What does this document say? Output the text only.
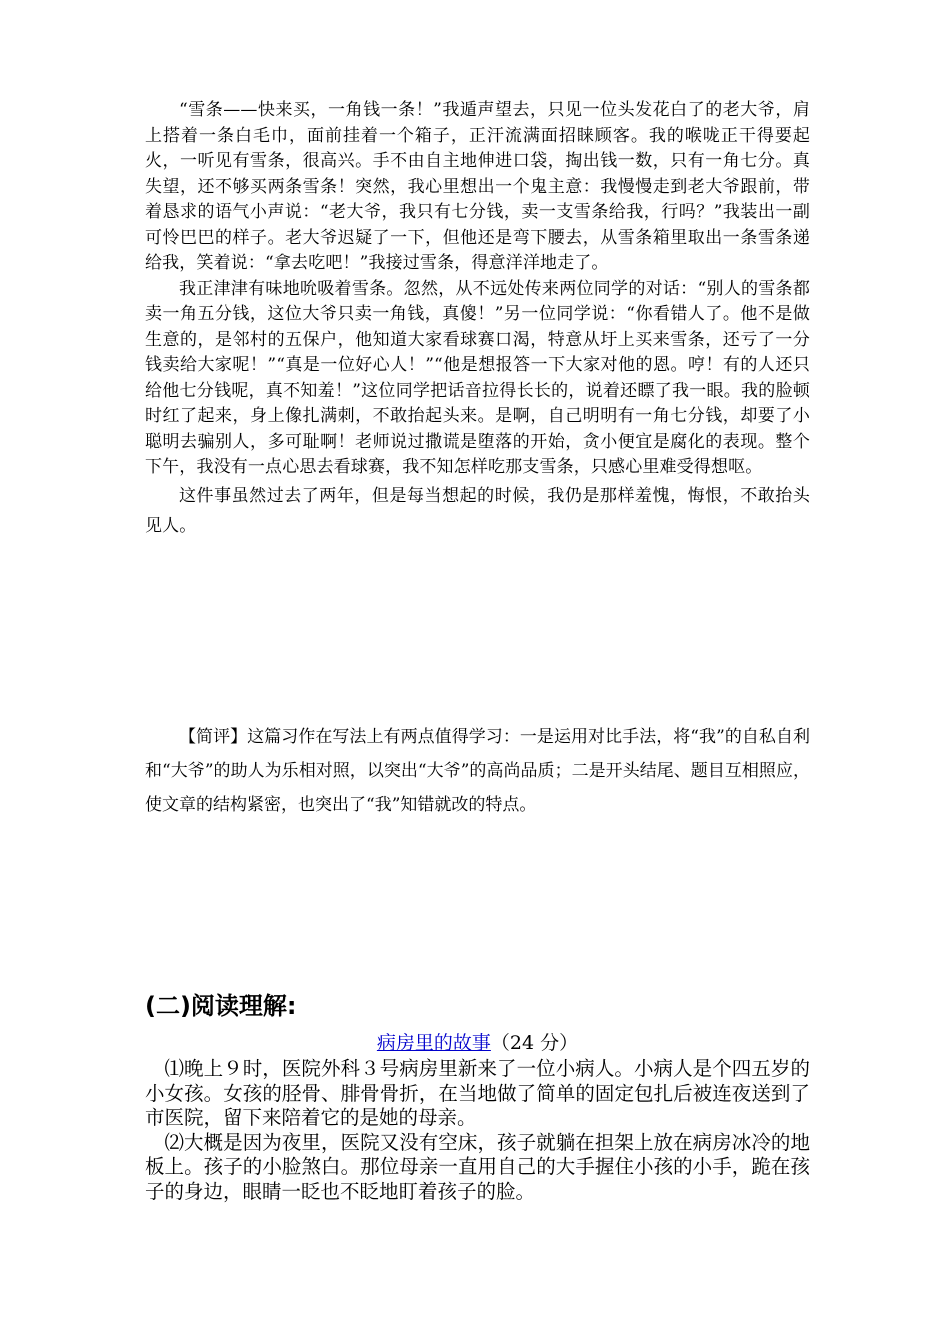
“雪条——快来买，一角钱一条！”我遁声望去，只见一位头发花白了的老大爷，肩上搭着一条白毛巾，面前挂着一个箱子，正汗流满面招睐顾客。我的喉咙正干得要起火，一听见有雪条，很高兴。手不由自主地伸进口袋，掏出钱一数，只有一角七分。真失望，还不够买两条雪条！突然，我心里想出一个鬼主意：我慢慢走到老大爷跟前，带着恳求的语气小声说：“老大爷，我只有七分钱，卖一支雪条给我，行吗？”我装出一副可怜巴巴的样子。老大爷迟疑了一下，但他还是弯下腰去，从雪条箱里取出一条雪条递给我，笑着说：“拿去吃吧！”我接过雪条，得意洋洋地走了。

我正津津有味地吮吸着雪条。忽然，从不远处传来两位同学的对话：“别人的雪条都卖一角五分钱，这位大爷只卖一角钱，真傻！”另一位同学说：“你看错人了。他不是做生意的，是邻村的五保户，他知道大家看球赛口渴，特意从圩上买来雪条，还亏了一分钱卖给大家呢！”“真是一位好心人！”“他是想报答一下大家对他的恩。哼！有的人还只给他七分钱呢，真不知羞！”这位同学把话音拉得长长的，说着还瞟了我一眼。我的脸顿时红了起来，身上像扎满刺，不敢抬起头来。是啊，自己明明有一角七分钱，却要了小聪明去骗别人，多可耻啊！老师说过撒谎是堕落的开始，贪小便宜是腐化的表现。整个下午，我没有一点心思去看球赛，我不知怎样吃那支雪条，只感心里难受得想呕。

这件事虽然过去了两年，但是每当想起的时候，我仍是那样羞愧，悔恨，不敢抬头见人。

【简评】这篇习作在写法上有两点值得学习：一是运用对比手法，将“我”的自私自利和“大爷”的助人为乐相对照，以突出“大爷”的高尚品质；二是开头结尾、题目互相照应，使文章的结构紧密，也突出了“我”知错就改的特点。

(二)阅读理解:
病房里的故事（24 分）

⑴晚上９时，医院外科３号病房里新来了一位小病人。小病人是个四五岁的小女孩。女孩的胫骨、腓骨骨折，在当地做了简单的固定包扎后被连夜送到了市医院，留下来陪着它的是她的母亲。

⑵大概是因为夜里，医院又没有空床，孩子就躺在担架上放在病房冰冷的地板上。孩子的小脸煞白。那位母亲一直用自己的大手握住小孩的小手，跪在孩子的身边，眼睛一眨也不眨地盯着孩子的脸。
